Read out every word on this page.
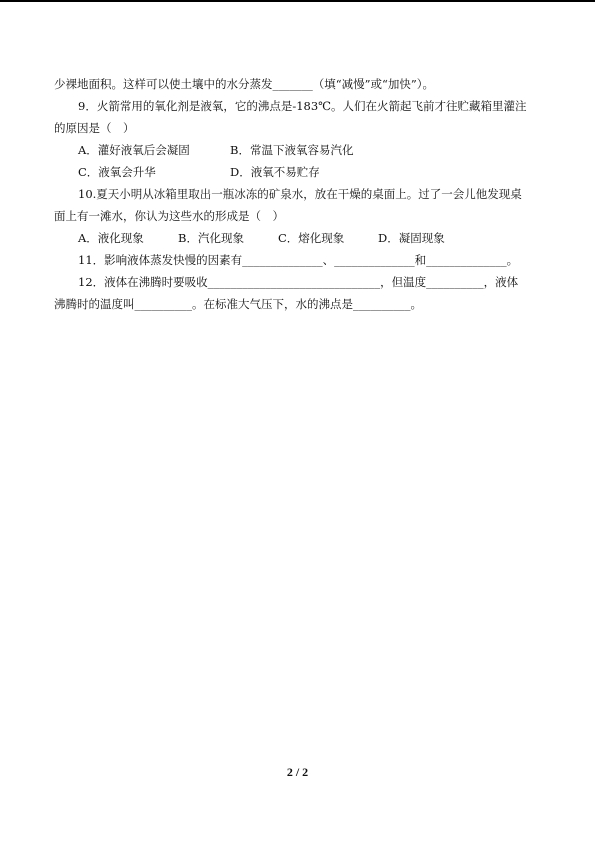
少裸地面积。这样可以使土壤中的水分蒸发_______（填“减慢”或“加快”）。
9．火箭常用的氧化剂是液氧，它的沸点是-183℃。人们在火箭起飞前才往贮藏箱里灌注
的原因是（　）
A．灌好液氧后会凝固	B．常温下液氧容易汽化
C．液氧会升华	D．液氧不易贮存
10.夏天小明从冰箱里取出一瓶冰冻的矿泉水，放在干燥的桌面上。过了一会儿他发现桌
面上有一滩水，你认为这些水的形成是（　）
A．液化现象	B．汽化现象	C．熔化现象	D．凝固现象
11．影响液体蒸发快慢的因素有______________、______________和______________。
12．液体在沸腾时要吸收______________________________，但温度__________，液体
沸腾时的温度叫__________。在标准大气压下，水的沸点是__________。
2 / 2
